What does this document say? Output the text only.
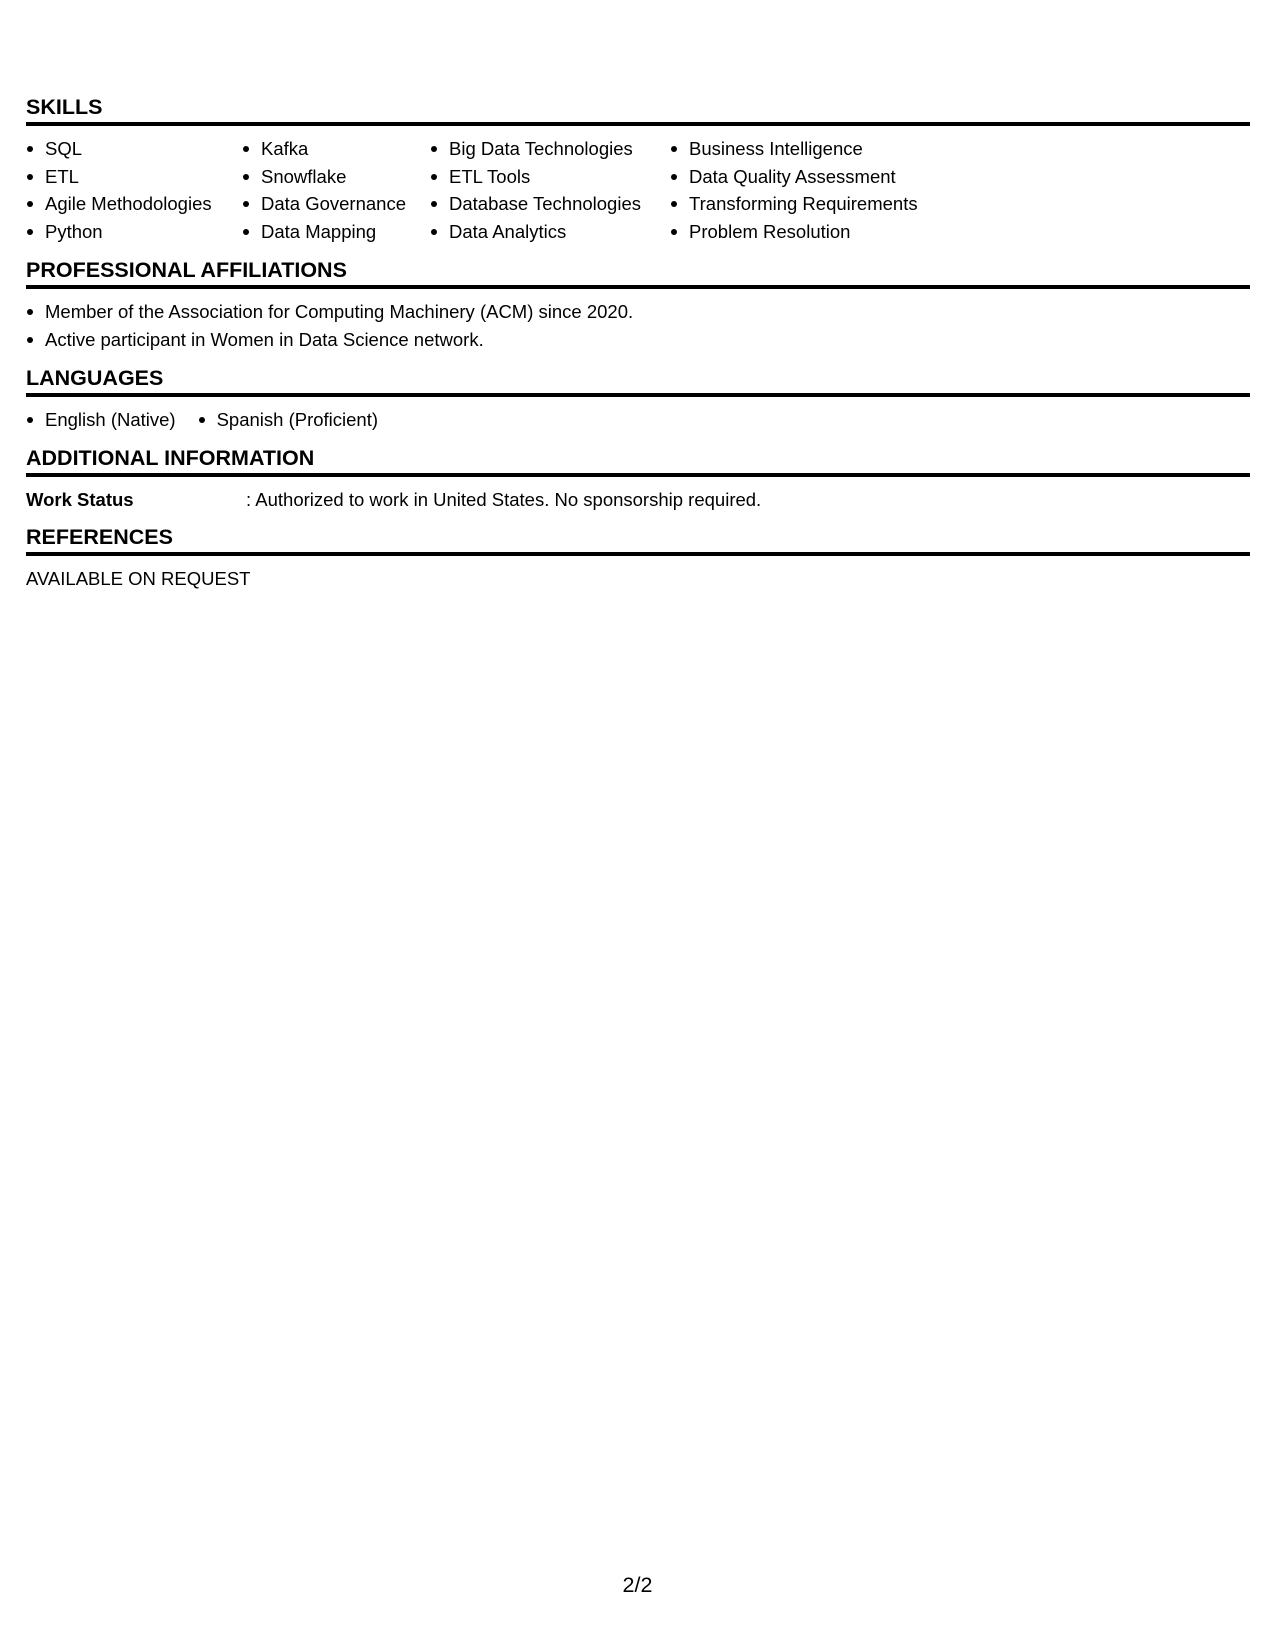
SKILLS
SQL
ETL
Agile Methodologies
Python
Kafka
Snowflake
Data Governance
Data Mapping
Big Data Technologies
ETL Tools
Database Technologies
Data Analytics
Business Intelligence
Data Quality Assessment
Transforming Requirements
Problem Resolution
PROFESSIONAL AFFILIATIONS
Member of the Association for Computing Machinery (ACM) since 2020.
Active participant in Women in Data Science network.
LANGUAGES
English (Native)	Spanish (Proficient)
ADDITIONAL INFORMATION
Work Status	: Authorized to work in United States. No sponsorship required.
REFERENCES
AVAILABLE ON REQUEST
2/2
